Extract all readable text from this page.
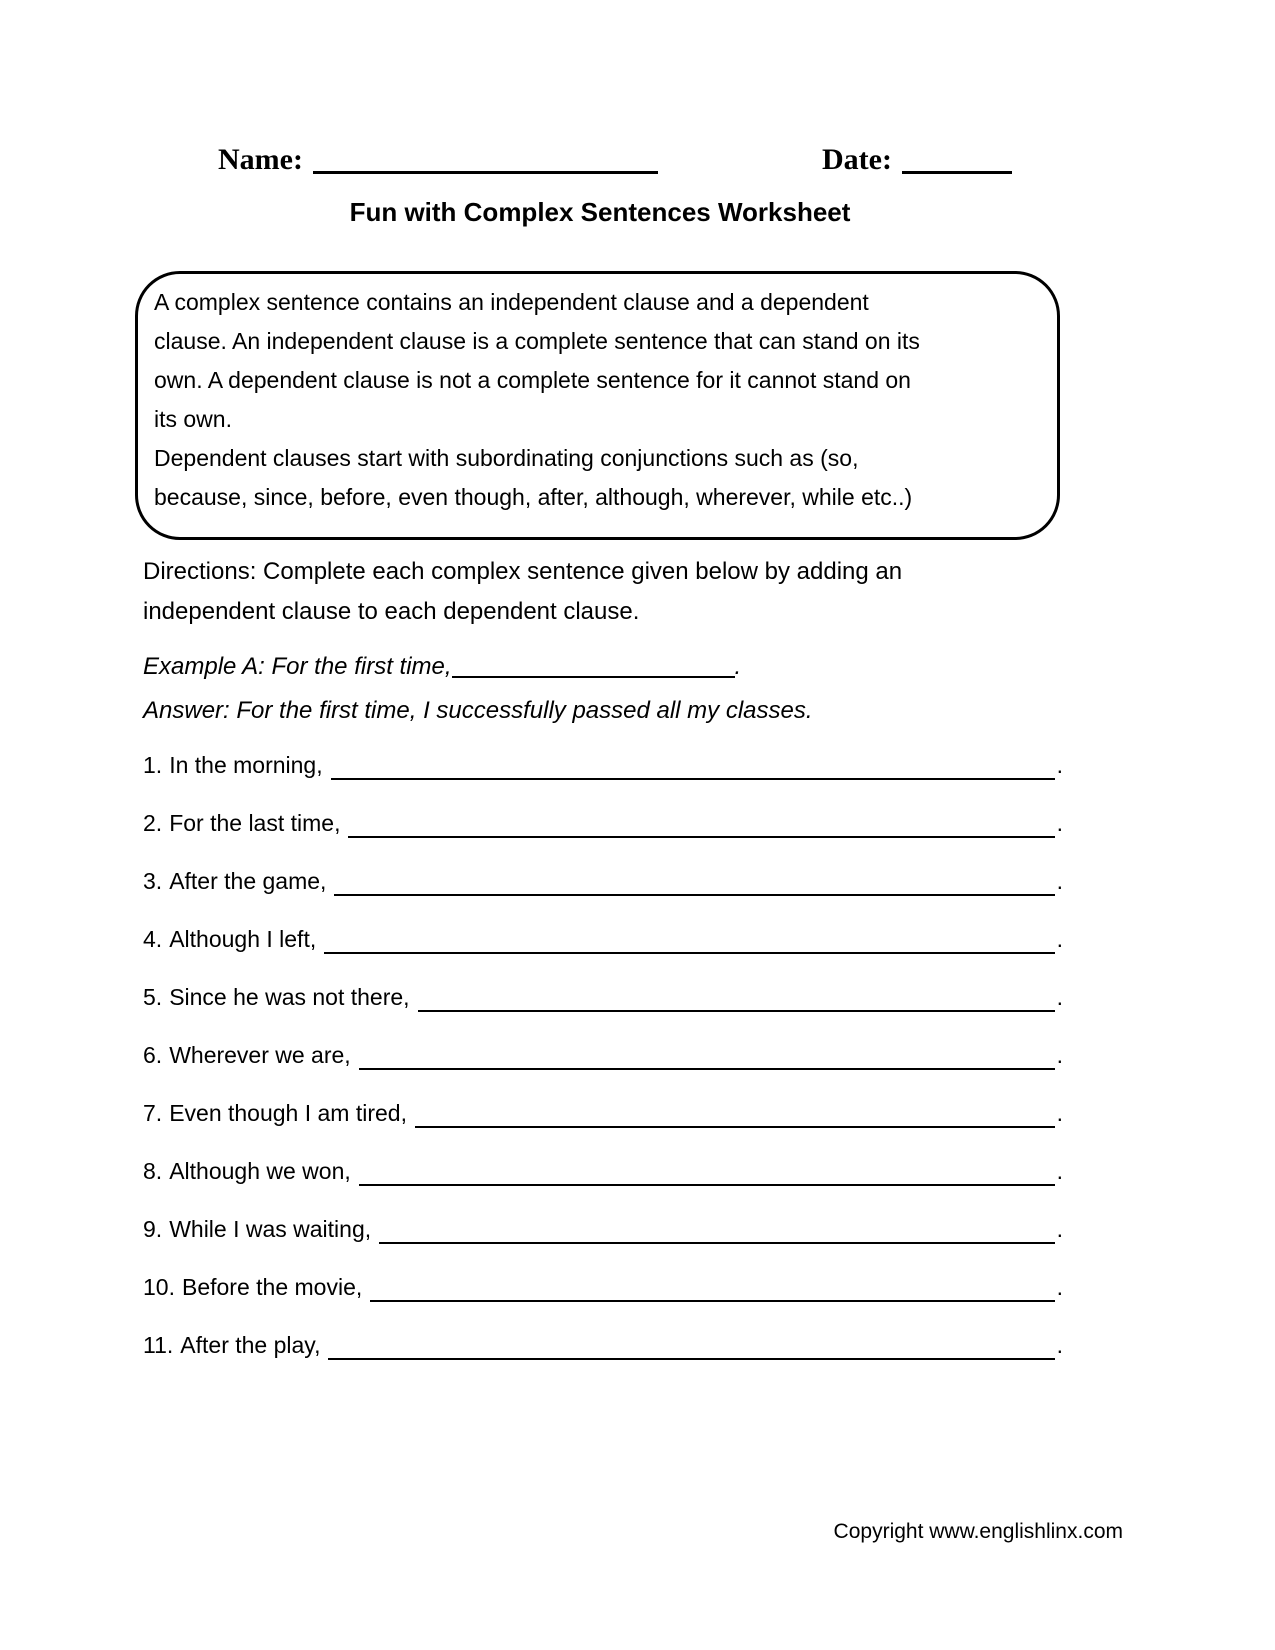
Name:	Date:
Fun with Complex Sentences Worksheet
A complex sentence contains an independent clause and a dependent
clause. An independent clause is a complete sentence that can stand on its
own. A dependent clause is not a complete sentence for it cannot stand on
its own.
Dependent clauses start with subordinating conjunctions such as (so,
because, since, before, even though, after, although, wherever, while etc..)
Directions: Complete each complex sentence given below by adding an
independent clause to each dependent clause.
Example A: For the first time,	.
Answer: For the first time, I successfully passed all my classes.
1. In the morning,	.
2. For the last time,	.
3. After the game,	.
4. Although I left,	.
5. Since he was not there,	.
6. Wherever we are,	.
7. Even though I am tired,	.
8. Although we won,	.
9. While I was waiting,	.
10. Before the movie,	.
11. After the play,	.
Copyright www.englishlinx.com
